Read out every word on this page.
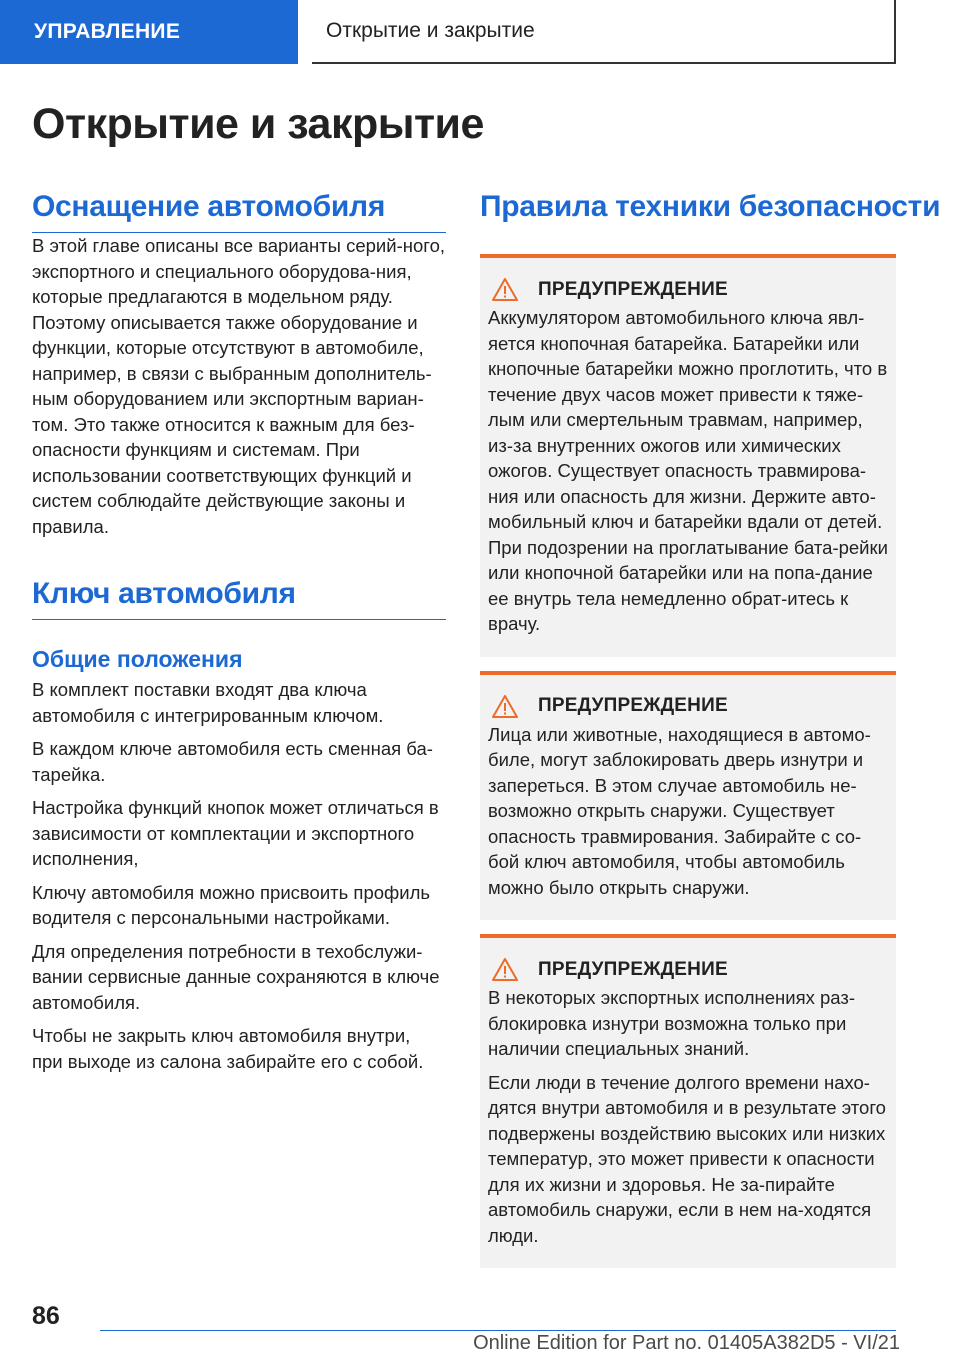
УПРАВЛЕНИЕ	Открытие и закрытие
Открытие и закрытие
Оснащение автомобиля

В этой главе описаны все варианты серий-ного, экспортного и специального оборудова-ния, которые предлагаются в модельном ряду. Поэтому описывается также оборудование и функции, которые отсутствуют в автомобиле, например, в связи с выбранным дополнитель-ным оборудованием или экспортным вариан-том. Это также относится к важным для без-опасности функциям и системам. При использовании соответствующих функций и систем соблюдайте действующие законы и правила.

Ключ автомобиля
Общие положения

В комплект поставки входят два ключа автомобиля с интегрированным ключом.

В каждом ключе автомобиля есть сменная ба-тарейка.

Настройка функций кнопок может отличаться в зависимости от комплектации и экспортного исполнения,

Ключу автомобиля можно присвоить профиль водителя с персональными настройками.

Для определения потребности в техобслужи-вании сервисные данные сохраняются в ключе автомобиля.

Чтобы не закрыть ключ автомобиля внутри, при выходе из салона забирайте его с собой.

Правила техники безопасности
ПРЕДУПРЕЖДЕНИЕ

Аккумулятором автомобильного ключа явл-яется кнопочная батарейка. Батарейки или кнопочные батарейки можно проглотить, что в течение двух часов может привести к тяже-лым или смертельным травмам, например, из-за внутренних ожогов или химических ожогов. Существует опасность травмирова-ния или опасность для жизни. Держите авто-мобильный ключ и батарейки вдали от детей. При подозрении на проглатывание бата-рейки или кнопочной батарейки или на попа-дание ее внутрь тела немедленно обрат-итесь к врачу.

ПРЕДУПРЕЖДЕНИЕ

Лица или животные, находящиеся в автомо-биле, могут заблокировать дверь изнутри и запереться. В этом случае автомобиль не-возможно открыть снаружи. Существует опасность травмирования. Забирайте с со-бой ключ автомобиля, чтобы автомобиль можно было открыть снаружи.

ПРЕДУПРЕЖДЕНИЕ

В некоторых экспортных исполнениях раз-блокировка изнутри возможна только при наличии специальных знаний.

Если люди в течение долгого времени нахо-дятся внутри автомобиля и в результате этого подвержены воздействию высоких или низких температур, это может привести к опасности для их жизни и здоровья. Не за-пирайте автомобиль снаружи, если в нем на-ходятся люди.

86
Online Edition for Part no. 01405A382D5 - VI/21
